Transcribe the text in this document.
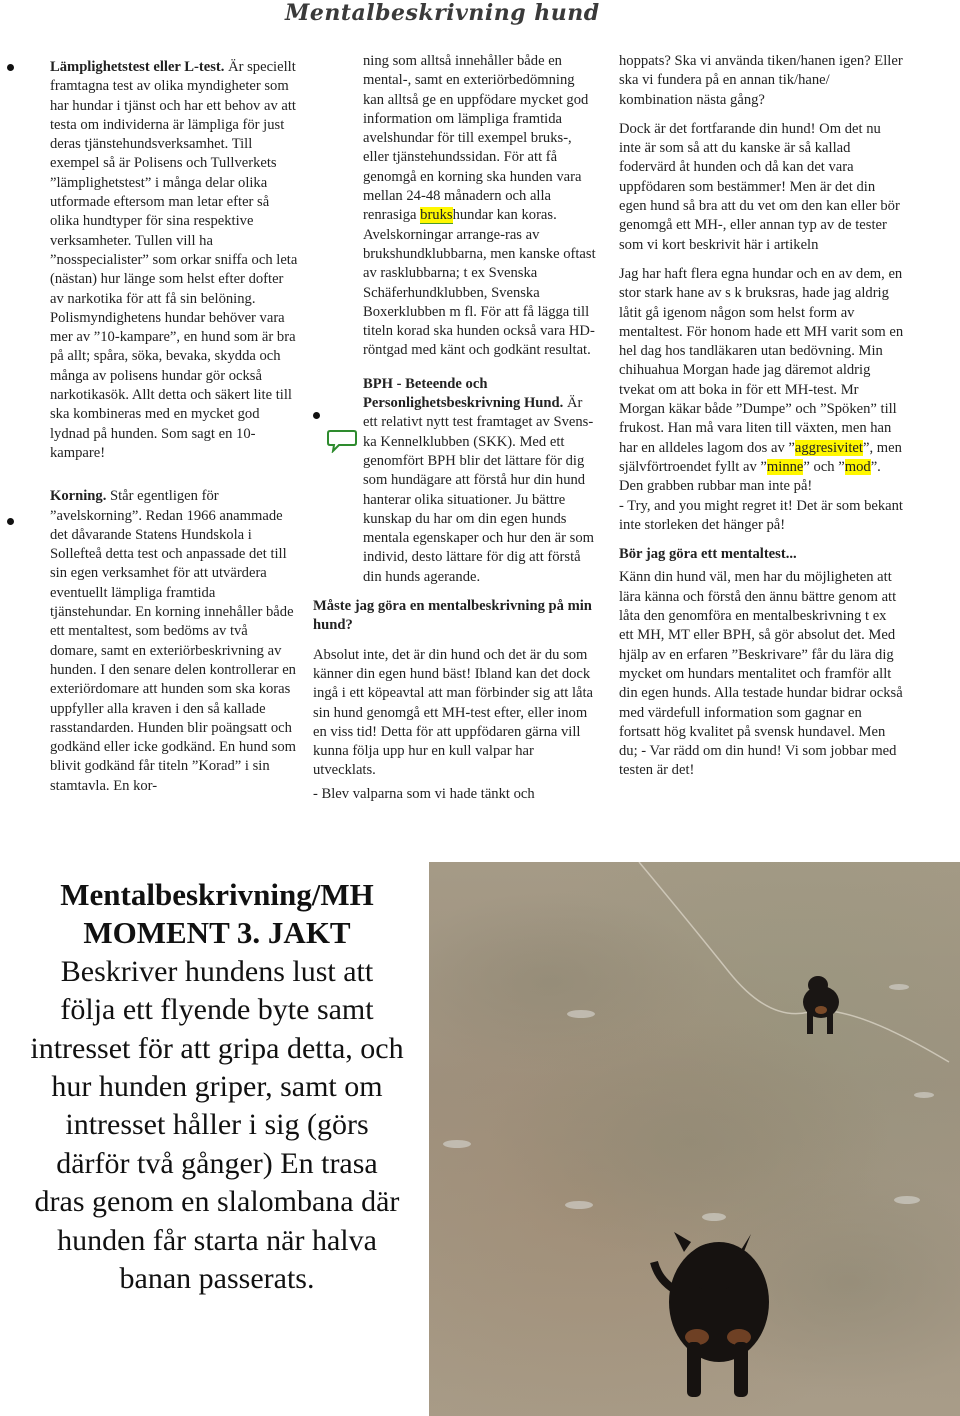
Mentalbeskrivning hund

Lämplighetstest eller L-test. Är speciellt framtagna test av olika myndigheter som har hundar i tjänst och har ett behov av att testa om individerna är lämpliga för just deras tjänstehundsverksamhet. Till exempel så är Polisens och Tullverkets ”lämplighetstest” i många delar olika utformade eftersom man letar efter så olika hundtyper för sina respektive verksamheter. Tullen vill ha ”nosspecialister” som orkar sniffa och leta (nästan) hur länge som helst efter dofter av narkotika för att få sin belöning. Polismyndighetens hundar behöver vara mer av ”10-kampare”, en hund som är bra på allt; spåra, söka, bevaka, skydda och många av polisens hundar gör också narkotikasök. Allt detta och säkert lite till ska kombineras med en mycket god lydnad på hunden. Som sagt en 10-kampare!

Korning. Står egentligen för ”avelskorning”. Redan 1966 anammade det dåvarande Statens Hundskola i Sollefteå detta test och anpassade det till sin egen verksamhet för att utvärdera eventuellt lämpliga framtida tjänstehundar. En korning innehåller både ett mentaltest, som bedöms av två domare, samt en exteriörbeskrivning av hunden. I den senare delen kontrollerar en exteriördomare att hunden som ska koras uppfyller alla kraven i den så kallade rasstandarden. Hunden blir poängsatt och godkänd eller icke godkänd. En hund som blivit godkänd får titeln ”Korad” i sin stamtavla. En kor-

ning som alltså innehåller både en mental-, samt en exteriörbedömning kan alltså ge en uppfödare mycket god information om lämpliga framtida avelshundar för till exempel bruks-, eller tjänstehundssidan. För att få genomgå en korning ska hunden vara mellan 24-48 månadern och alla renrasiga brukshundar kan koras.

Avelskorningar arrange-ras av brukshundklubbarna, men kanske oftast av rasklubbarna; t ex Svenska Schäferhundklubben, Svenska Boxerklubben m fl. För att få lägga till titeln korad ska hunden också vara HD-röntgad med känt och godkänt resultat.

BPH - Beteende och Personlighetsbeskrivning Hund. Är ett relativt nytt test framtaget av Svens-ka Kennelklubben (SKK). Med ett genomfört BPH blir det lättare för dig som hundägare att förstå hur din hund hanterar olika situationer. Ju bättre kunskap du har om din egen hunds mentala egenskaper och hur den är som individ, desto lättare för dig att förstå din hunds agerande.

Måste jag göra en mentalbeskrivning på min hund?

Absolut inte, det är din hund och det är du som känner din egen hund bäst! Ibland kan det dock ingå i ett köpeavtal att man förbinder sig att låta sin hund genomgå ett MH-test efter, eller inom en viss tid! Detta för att uppfödaren gärna vill kunna följa upp hur en kull valpar har utvecklats.

- Blev valparna som vi hade tänkt och

hoppats? Ska vi använda tiken/hanen igen? Eller ska vi fundera på en annan tik/hane/ kombination nästa gång?

Dock är det fortfarande din hund! Om det nu inte är som så att du kanske är så kallad fodervärd åt hunden och då kan det vara uppfödaren som bestämmer! Men är det din egen hund så bra att du vet om den kan eller bör genomgå ett MH-, eller annan typ av de tester som vi kort beskrivit här i artikeln

Jag har haft flera egna hundar och en av dem, en stor stark hane av s k bruksras, hade jag aldrig låtit gå igenom någon som helst form av mentaltest. För honom hade ett MH varit som en hel dag hos tandläkaren utan bedövning. Min chihuahua Morgan hade jag däremot aldrig tvekat om att boka in för ett MH-test. Mr Morgan käkar både ”Dumpe” och ”Spöken” till frukost. Han må vara liten till växten, men han har en alldeles lagom dos av ”aggresivitet”, men självförtroendet fyllt av ”minne” och ”mod”. Den grabben rubbar man inte på!

- Try, and you might regret it! Det är som bekant inte storleken det hänger på!

Bör jag göra ett mentaltest...

Känn din hund väl, men har du möjligheten att lära känna och förstå den ännu bättre genom att låta den genomföra en mentalbeskrivning t ex ett MH, MT eller BPH, så gör absolut det. Med hjälp av en erfaren ”Beskrivare” får du lära dig mycket om hundars mentalitet och framför allt din egen hunds. Alla testade hundar bidrar också med värdefull information som gagnar en fortsatt hög kvalitet på svensk hundavel. Men du; - Var rädd om din hund! Vi som jobbar med testen är det!

Mentalbeskrivning/MH
MOMENT 3. JAKT
Beskriver hundens lust att följa ett flyende byte samt intresset för att gripa detta, och hur hunden griper, samt om intresset håller i sig (görs därför två gånger) En trasa dras genom en slalombana där hunden får starta när halva banan passerats.
